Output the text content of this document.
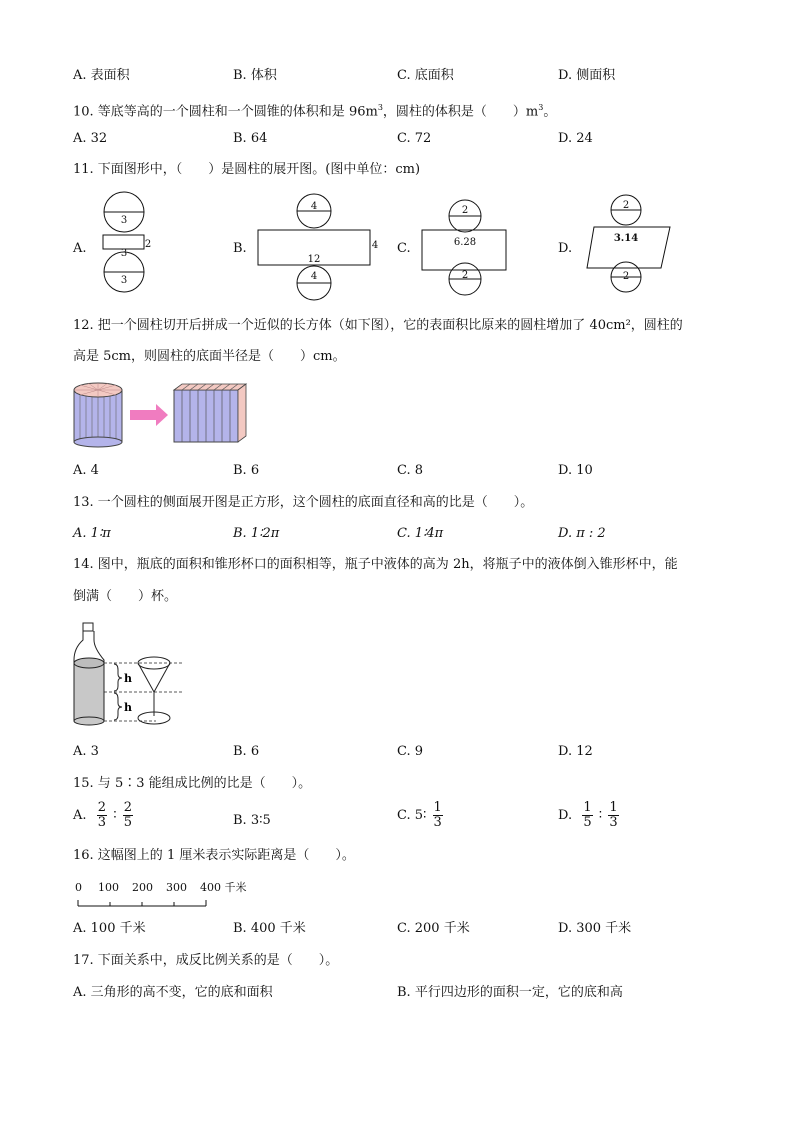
A. 表面积	B. 体积	C. 底面积	D. 侧面积
10. 等底等高的一个圆柱和一个圆锥的体积和是 $96m^3$，圆柱的体积是（　　）$m^3$。
A. 32	B. 64	C. 72	D. 24
11. 下面图形中，（　　）是圆柱的展开图。(图中单位：cm)
A.	B.	C.	D.
3
3
2
3
4
12
4
4
2
6.28
2
2
3.14
2
12. 把一个圆柱切开后拼成一个近似的长方体（如下图），它的表面积比原来的圆柱增加了 40cm²，圆柱的
高是 5cm，则圆柱的底面半径是（　　）cm。
A. 4	B. 6	C. 8	D. 10
13. 一个圆柱的侧面展开图是正方形，这个圆柱的底面直径和高的比是（　　）。
A. 1∶π	B. 1∶2π	C. 1∶4π	D. π : 2
14. 图中，瓶底的面积和锥形杯口的面积相等，瓶子中液体的高为 2h，将瓶子中的液体倒入锥形杯中，能
倒满（　　）杯。
h
h
A. 3	B. 6	C. 9	D. 12
15. 与 5∶3 能组成比例的比是（　　）。
A. $\frac{2}{3}$ ∶ $\frac{2}{5}$	B. 3∶5	C. 5∶ $\frac{1}{3}$	D. $\frac{1}{5}$ ∶ $\frac{1}{3}$
16. 这幅图上的 1 厘米表示实际距离是（　　）。
0 100 200 300 400 千米
A. 100 千米	B. 400 千米	C. 200 千米	D. 300 千米
17. 下面关系中，成反比例关系的是（　　）。
A. 三角形的高不变，它的底和面积	B. 平行四边形的面积一定，它的底和高
